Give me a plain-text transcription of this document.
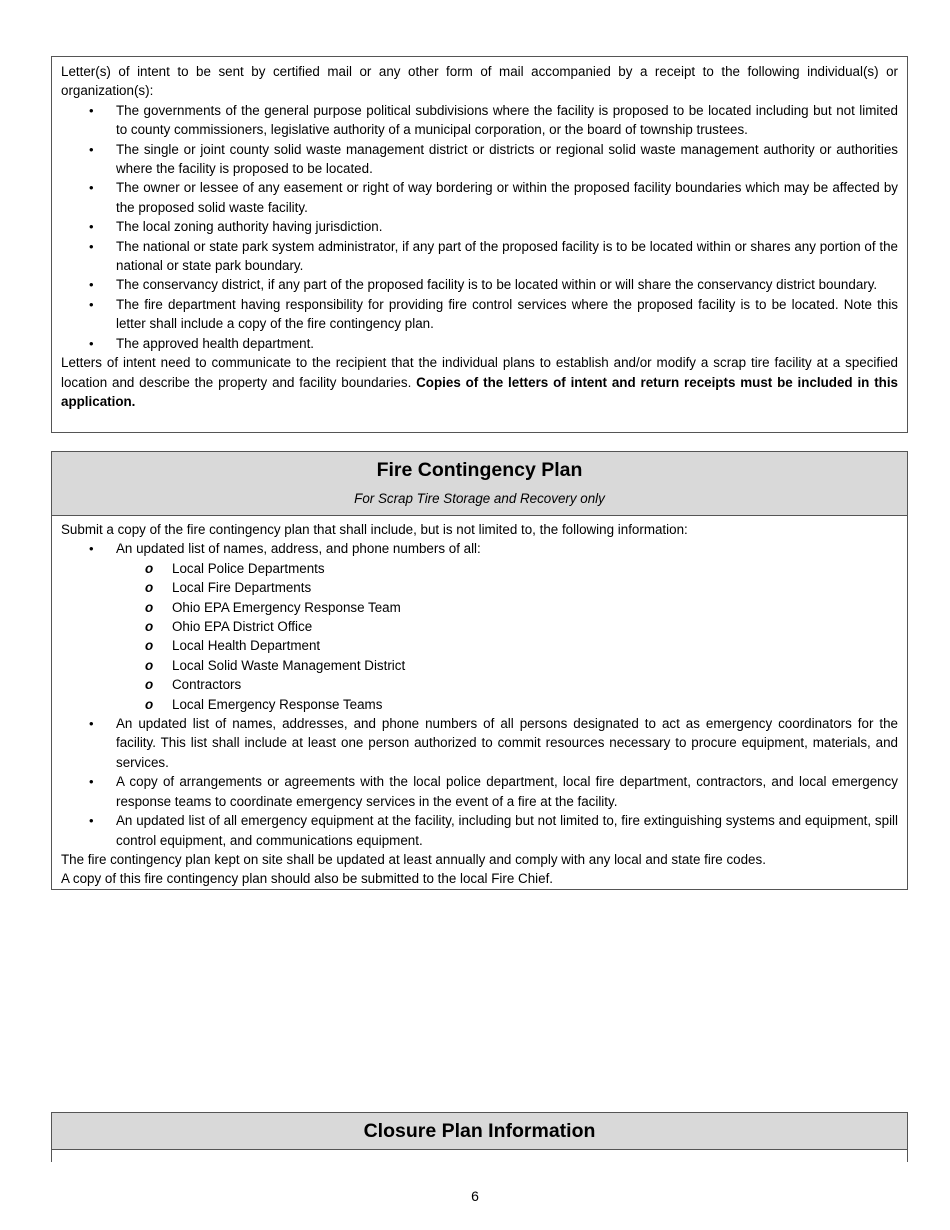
Letter(s) of intent to be sent by certified mail or any other form of mail accompanied by a receipt to the following individual(s) or organization(s):

• The governments of the general purpose political subdivisions where the facility is proposed to be located including but not limited to county commissioners, legislative authority of a municipal corporation, or the board of township trustees.
• The single or joint county solid waste management district or districts or regional solid waste management authority or authorities where the facility is proposed to be located.
• The owner or lessee of any easement or right of way bordering or within the proposed facility boundaries which may be affected by the proposed solid waste facility.
• The local zoning authority having jurisdiction.
• The national or state park system administrator, if any part of the proposed facility is to be located within or shares any portion of the national or state park boundary.
• The conservancy district, if any part of the proposed facility is to be located within or will share the conservancy district boundary.
• The fire department having responsibility for providing fire control services where the proposed facility is to be located. Note this letter shall include a copy of the fire contingency plan.
• The approved health department.

Letters of intent need to communicate to the recipient that the individual plans to establish and/or modify a scrap tire facility at a specified location and describe the property and facility boundaries. Copies of the letters of intent and return receipts must be included in this application.

Fire Contingency Plan
For Scrap Tire Storage and Recovery only

Submit a copy of the fire contingency plan that shall include, but is not limited to, the following information:

• An updated list of names, address, and phone numbers of all:
o Local Police Departments
o Local Fire Departments
o Ohio EPA Emergency Response Team
o Ohio EPA District Office
o Local Health Department
o Local Solid Waste Management District
o Contractors
o Local Emergency Response Teams
• An updated list of names, addresses, and phone numbers of all persons designated to act as emergency coordinators for the facility. This list shall include at least one person authorized to commit resources necessary to procure equipment, materials, and services.
• A copy of arrangements or agreements with the local police department, local fire department, contractors, and local emergency response teams to coordinate emergency services in the event of a fire at the facility.
• An updated list of all emergency equipment at the facility, including but not limited to, fire extinguishing systems and equipment, spill control equipment, and communications equipment.

The fire contingency plan kept on site shall be updated at least annually and comply with any local and state fire codes.

A copy of this fire contingency plan should also be submitted to the local Fire Chief.

Closure Plan Information
6
